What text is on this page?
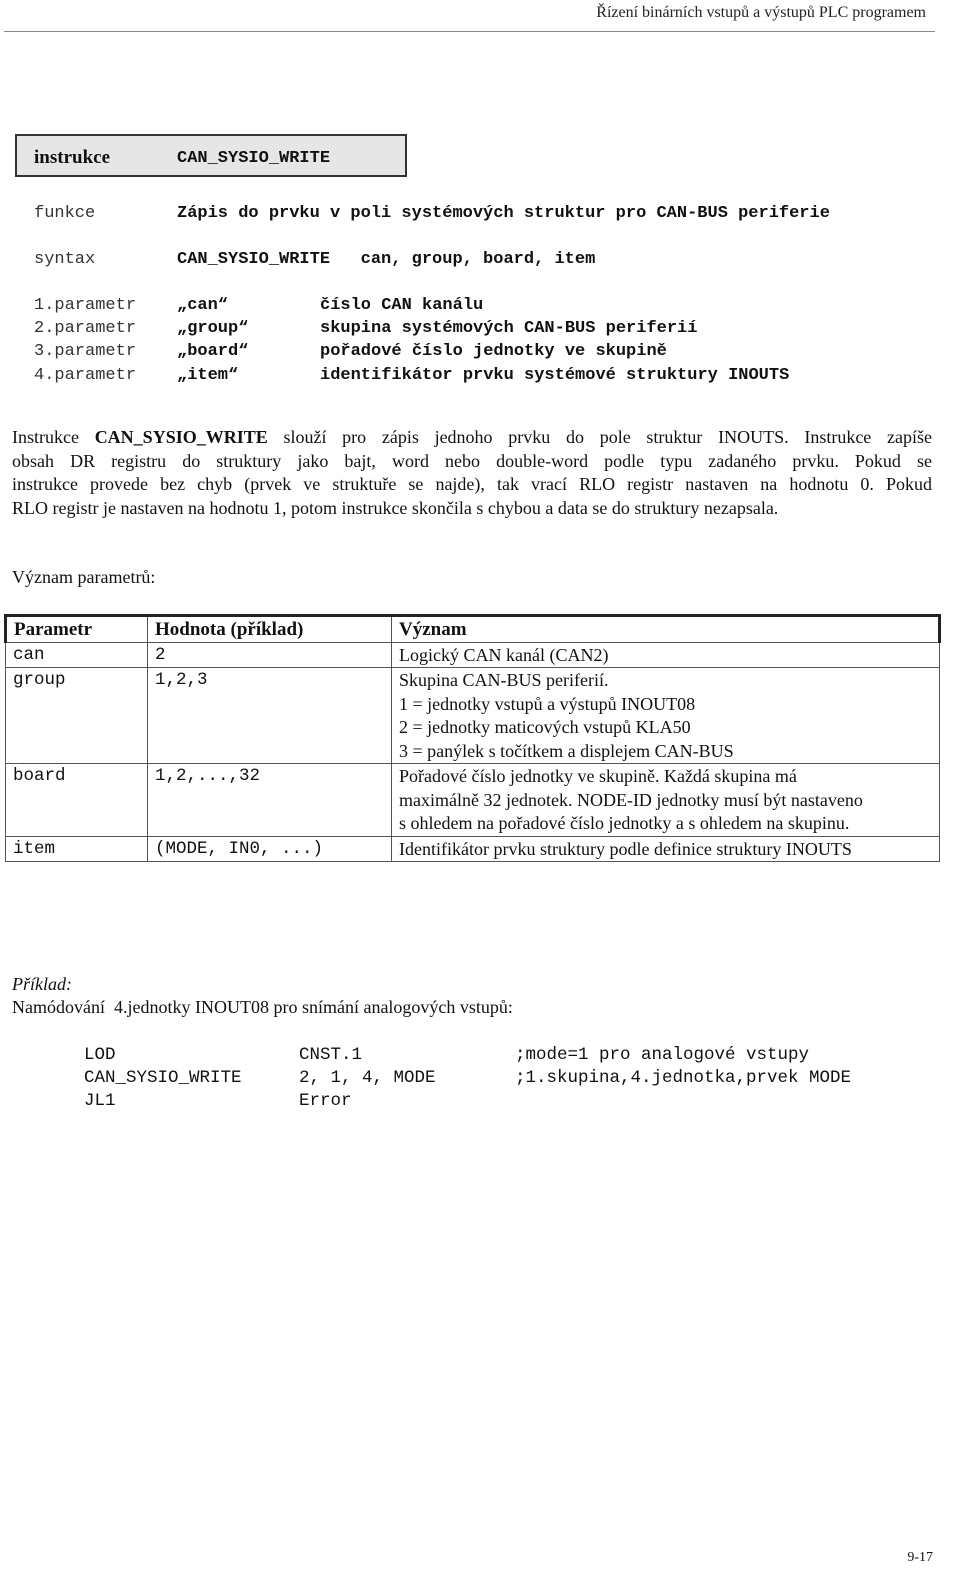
Řízení binárních vstupů a výstupů PLC programem
instrukce	CAN_SYSIO_WRITE
funkce	Zápis do prvku v poli systémových struktur pro CAN-BUS periferie
syntax	CAN_SYSIO_WRITE   can, group, board, item
1.parametr „can“	číslo CAN kanálu
2.parametr „group“	skupina systémových CAN-BUS periferií
3.parametr „board“	pořadové číslo jednotky ve skupině
4.parametr „item“	identifikátor prvku systémové struktury INOUTS
Instrukce CAN_SYSIO_WRITE slouží pro zápis jednoho prvku do pole struktur INOUTS. Instrukce zapíše
obsah DR registru do struktury jako bajt, word nebo double-word podle typu zadaného prvku. Pokud se
instrukce provede bez chyb (prvek ve struktuře se najde), tak vrací RLO registr nastaven na hodnotu 0. Pokud
RLO registr je nastaven na hodnotu 1, potom instrukce skončila s chybou a data se do struktury nezapsala.
Význam parametrů:
Parametr	Hodnota (příklad)	Význam
can	2	Logický CAN kanál (CAN2)

group	1,2,3	Skupina CAN-BUS periferií.
1 = jednotky vstupů a výstupů INOUT08
2 = jednotky maticových vstupů KLA50
3 = panýlek s točítkem a displejem CAN-BUS

board	1,2,...,32	Pořadové číslo jednotky ve skupině. Každá skupina má
maximálně 32 jednotek. NODE-ID jednotky musí být nastaveno
s ohledem na pořadové číslo jednotky a s ohledem na skupinu.

item	(MODE, IN0, ...)	Identifikátor prvku struktury podle definice struktury INOUTS
Příklad:
Namódování  4.jednotky INOUT08 pro snímání analogových vstupů:
LOD	CNST.1	;mode=1 pro analogové vstupy
CAN_SYSIO_WRITE	2, 1, 4, MODE	;1.skupina,4.jednotka,prvek MODE
JL1	Error
9-17
